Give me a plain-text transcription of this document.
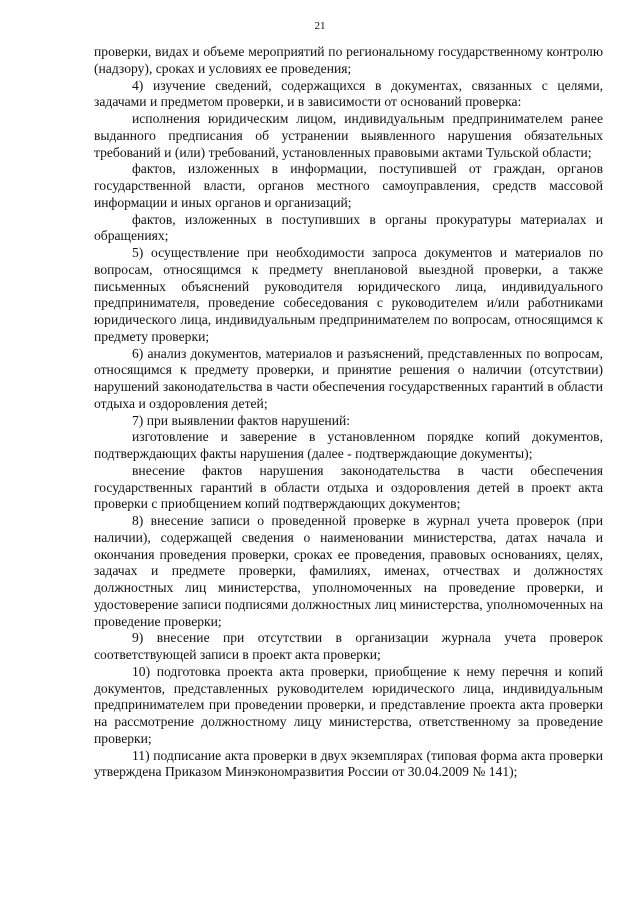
21

проверки, видах и объеме мероприятий по региональному государственному контролю (надзору), сроках и условиях ее проведения;

4) изучение сведений, содержащихся в документах, связанных с целями, задачами и предметом проверки, и в зависимости от оснований проверка:

исполнения юридическим лицом, индивидуальным предпринимателем ранее выданного предписания об устранении выявленного нарушения обязательных требований и (или) требований, установленных правовыми актами Тульской области;

фактов, изложенных в информации, поступившей от граждан, органов государственной власти, органов местного самоуправления, средств массовой информации и иных органов и организаций;

фактов, изложенных в поступивших в органы прокуратуры материалах и обращениях;

5) осуществление при необходимости запроса документов и материалов по вопросам, относящимся к предмету внеплановой выездной проверки, а также письменных объяснений руководителя юридического лица, индивидуального предпринимателя, проведение собеседования с руководителем и/или работниками юридического лица, индивидуальным предпринимателем по вопросам, относящимся к предмету проверки;

6) анализ документов, материалов и разъяснений, представленных по вопросам, относящимся к предмету проверки, и принятие решения о наличии (отсутствии) нарушений законодательства в части обеспечения государственных гарантий в области отдыха и оздоровления детей;

7) при выявлении фактов нарушений:

изготовление и заверение в установленном порядке копий документов, подтверждающих факты нарушения (далее - подтверждающие документы);

внесение фактов нарушения законодательства в части обеспечения государственных гарантий в области отдыха и оздоровления детей в проект акта проверки с приобщением копий подтверждающих документов;

8) внесение записи о проведенной проверке в журнал учета проверок (при наличии), содержащей сведения о наименовании министерства, датах начала и окончания проведения проверки, сроках ее проведения, правовых основаниях, целях, задачах и предмете проверки, фамилиях, именах, отчествах и должностях должностных лиц министерства, уполномоченных на проведение проверки, и удостоверение записи подписями должностных лиц министерства, уполномоченных на проведение проверки;

9) внесение при отсутствии в организации журнала учета проверок соответствующей записи в проект акта проверки;

10) подготовка проекта акта проверки, приобщение к нему перечня и копий документов, представленных руководителем юридического лица, индивидуальным предпринимателем при проведении проверки, и представление проекта акта проверки на рассмотрение должностному лицу министерства, ответственному за проведение проверки;

11) подписание акта проверки в двух экземплярах (типовая форма акта проверки утверждена Приказом Минэкономразвития России от 30.04.2009 № 141);
